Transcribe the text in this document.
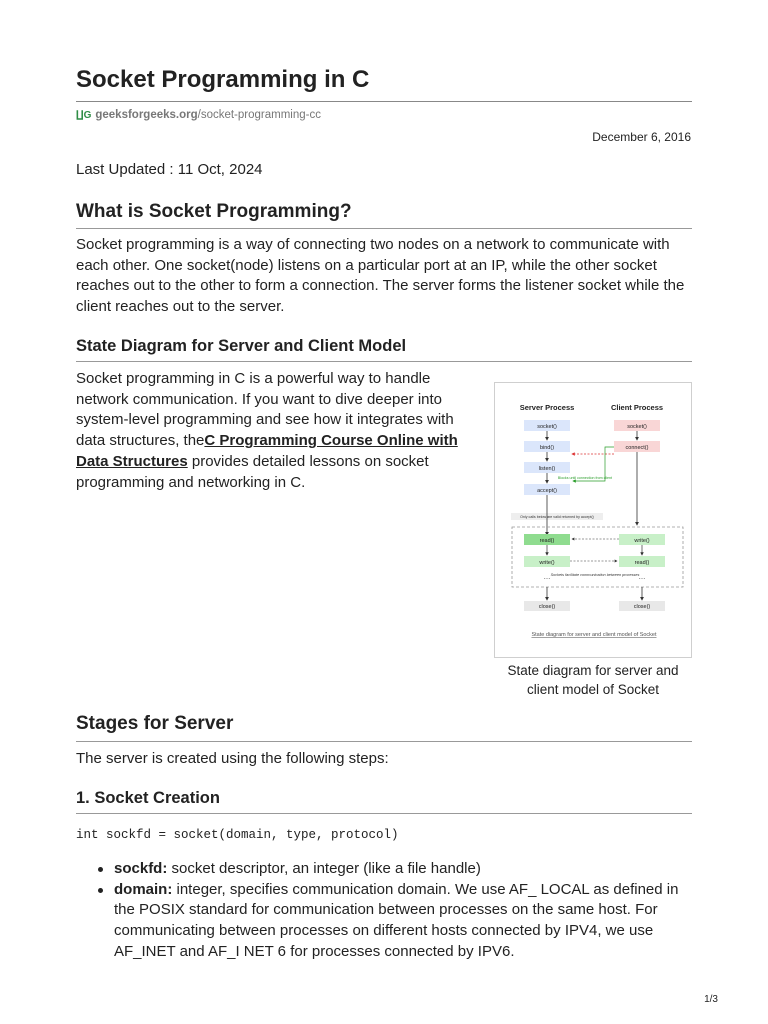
Socket Programming in C
∐G geeksforgeeks.org/socket-programming-cc
December 6, 2016
Last Updated : 11 Oct, 2024
What is Socket Programming?
Socket programming is a way of connecting two nodes on a network to communicate with each other. One socket(node) listens on a particular port at an IP, while the other socket reaches out to the other to form a connection. The server forms the listener socket while the client reaches out to the server.
State Diagram for Server and Client Model
Socket programming in C is a powerful way to handle network communication. If you want to dive deeper into system-level programming and see how it integrates with data structures, theC Programming Course Online with Data Structures provides detailed lessons on socket programming and networking in C.
Server Process	Client Process
socket()
bind()
listen()
accept()
socket()
connect()
Blocks until connection from client
Only calls below are valid returned by accept()
read()	write()
write()	read()
…	…
Sockets facilitate communication between processes
close()	close()
State diagram for server and client model of Socket
State diagram for server and client model of Socket
Stages for Server
The server is created using the following steps:
1. Socket Creation
int sockfd = socket(domain, type, protocol)
sockfd: socket descriptor, an integer (like a file handle)
domain: integer, specifies communication domain. We use AF_ LOCAL as defined in the POSIX standard for communication between processes on the same host. For communicating between processes on different hosts connected by IPV4, we use AF_INET and AF_I NET 6 for processes connected by IPV6.
1/3
